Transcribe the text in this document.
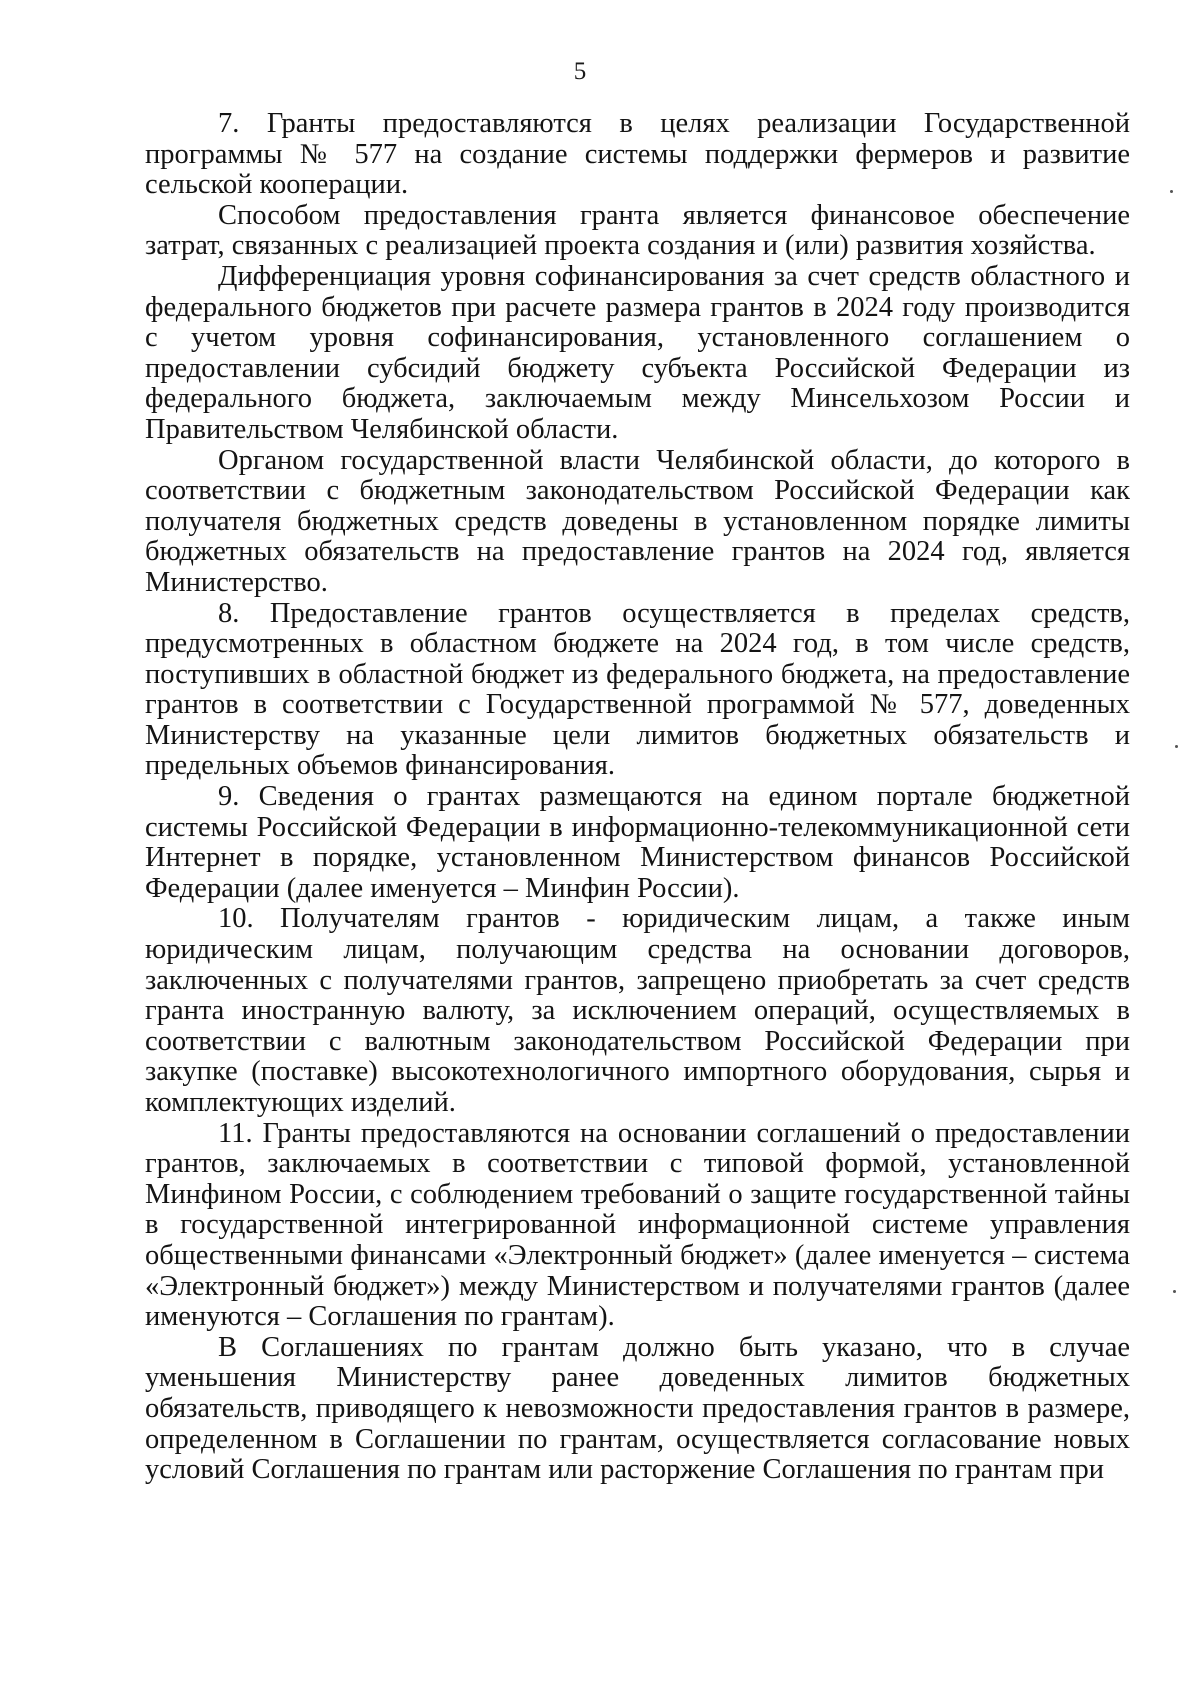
5

7. Гранты предоставляются в целях реализации Государственной программы № 577 на создание системы поддержки фермеров и развитие сельской кооперации.

Способом предоставления гранта является финансовое обеспечение затрат, связанных с реализацией проекта создания и (или) развития хозяйства.

Дифференциация уровня софинансирования за счет средств областного и федерального бюджетов при расчете размера грантов в 2024 году производится с учетом уровня софинансирования, установленного соглашением о предоставлении субсидий бюджету субъекта Российской Федерации из федерального бюджета, заключаемым между Минсельхозом России и Правительством Челябинской области.

Органом государственной власти Челябинской области, до которого в соответствии с бюджетным законодательством Российской Федерации как получателя бюджетных средств доведены в установленном порядке лимиты бюджетных обязательств на предоставление грантов на 2024 год, является Министерство.

8. Предоставление грантов осуществляется в пределах средств, предусмотренных в областном бюджете на 2024 год, в том числе средств, поступивших в областной бюджет из федерального бюджета, на предоставление грантов в соответствии с Государственной программой № 577, доведенных Министерству на указанные цели лимитов бюджетных обязательств и предельных объемов финансирования.

9. Сведения о грантах размещаются на едином портале бюджетной системы Российской Федерации в информационно-телекоммуникационной сети Интернет в порядке, установленном Министерством финансов Российской Федерации (далее именуется – Минфин России).

10. Получателям грантов - юридическим лицам, а также иным юридическим лицам, получающим средства на основании договоров, заключенных с получателями грантов, запрещено приобретать за счет средств гранта иностранную валюту, за исключением операций, осуществляемых в соответствии с валютным законодательством Российской Федерации при закупке (поставке) высокотехнологичного импортного оборудования, сырья и комплектующих изделий.

11. Гранты предоставляются на основании соглашений о предоставлении грантов, заключаемых в соответствии с типовой формой, установленной Минфином России, с соблюдением требований о защите государственной тайны в государственной интегрированной информационной системе управления общественными финансами «Электронный бюджет» (далее именуется – система «Электронный бюджет») между Министерством и получателями грантов (далее именуются – Соглашения по грантам).

В Соглашениях по грантам должно быть указано, что в случае уменьшения Министерству ранее доведенных лимитов бюджетных обязательств, приводящего к невозможности предоставления грантов в размере, определенном в Соглашении по грантам, осуществляется согласование новых условий Соглашения по грантам или расторжение Соглашения по грантам при
